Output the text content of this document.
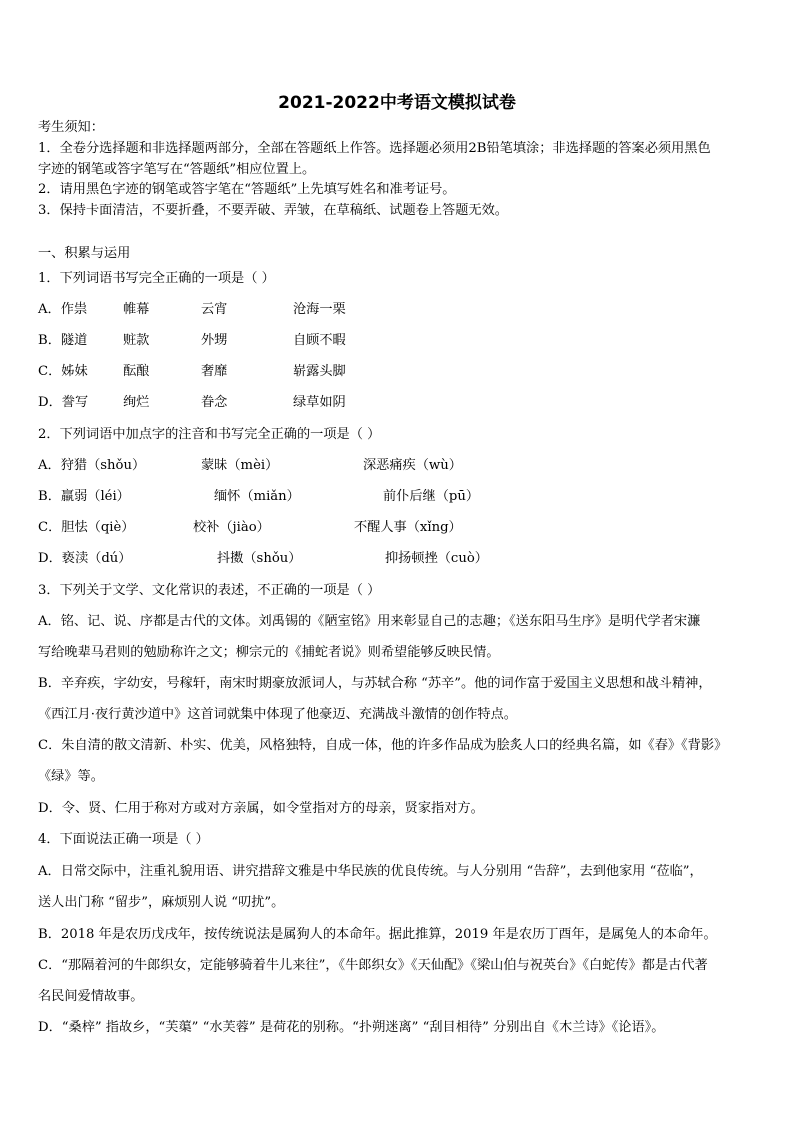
2021-2022中考语文模拟试卷
考生须知：
1．全卷分选择题和非选择题两部分，全部在答题纸上作答。选择题必须用2B铅笔填涂；非选择题的答案必须用黑色
字迹的钢笔或答字笔写在“答题纸”相应位置上。
2．请用黑色字迹的钢笔或答字笔在“答题纸”上先填写姓名和准考证号。
3．保持卡面清洁，不要折叠，不要弄破、弄皱，在草稿纸、试题卷上答题无效。
一、积累与运用
1．下列词语书写完全正确的一项是（ ）
A．作祟	帷幕	云宵	沧海一栗
B．隧道	赃款	外甥	自顾不暇
C．姊妹	酝酿	奢靡	崭露头脚
D．誊写	绚烂	眷念	绿草如阴
2．下列词语中加点字的注音和书写完全正确的一项是（ ）
A．狩猎（shǒu）	蒙昧（mèi）	深恶痛疾（wù）
B．羸弱（léi）	缅怀（miǎn）	前仆后继（pū）
C．胆怯（qiè）	校补（jiào）	不醒人事（xǐng）
D．亵渎（dú）	抖擞（shǒu）	抑扬顿挫（cuò）
3．下列关于文学、文化常识的表述，不正确的一项是（ ）
A．铭、记、说、序都是古代的文体。刘禹锡的《陋室铭》用来彰显自己的志趣；《送东阳马生序》是明代学者宋濂
写给晚辈马君则的勉励称许之文；柳宗元的《捕蛇者说》则希望能够反映民情。
B．辛弃疾，字幼安，号稼轩，南宋时期豪放派词人，与苏轼合称 “苏辛”。他的词作富于爱国主义思想和战斗精神，
《西江月·夜行黄沙道中》这首词就集中体现了他豪迈、充满战斗激情的创作特点。
C．朱自清的散文清新、朴实、优美，风格独特，自成一体，他的许多作品成为脍炙人口的经典名篇，如《春》《背影》
《绿》等。
D．令、贤、仁用于称对方或对方亲属，如令堂指对方的母亲，贤家指对方。
4．下面说法正确一项是（ ）
A．日常交际中，注重礼貌用语、讲究措辞文雅是中华民族的优良传统。与人分别用 “告辞”，去到他家用 “莅临”，
送人出门称 “留步”，麻烦别人说 “叨扰”。
B．2018 年是农历戊戌年，按传统说法是属狗人的本命年。据此推算，2019 年是农历丁酉年，是属兔人的本命年。
C．“那隔着河的牛郎织女，定能够骑着牛儿来往”，《牛郎织女》《天仙配》《梁山伯与祝英台》《白蛇传》都是古代著
名民间爱情故事。
D．“桑梓” 指故乡，“芙蕖” “水芙蓉” 是荷花的别称。“扑朔迷离” “刮目相待” 分别出自《木兰诗》《论语》。
